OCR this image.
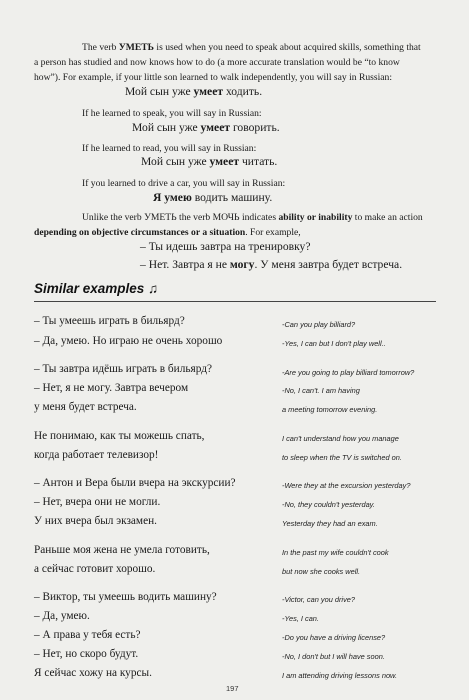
The verb УМЕТЬ is used when you need to speak about acquired skills, something that
a person has studied and now knows how to do (a more accurate translation would be “to know
how”). For example, if your little son learned to walk independently, you will say in Russian:
Мой сын уже умеет ходить.
If he learned to speak, you will say in Russian:
Мой сын уже умеет говорить.
If he learned to read, you will say in Russian:
Мой сын уже умеет читать.
If you learned to drive a car, you will say in Russian:
Я умею водить машину.
Unlike the verb УМЕТЬ the verb МОЧЬ indicates ability or inability to make an action
depending on objective circumstances or a situation. For example,
– Ты идешь завтра на тренировку?
– Нет. Завтра я не могу. У меня завтра будет встреча.
Similar examples ♫
– Ты умеешь играть в бильярд?
– Да, умею. Но играю не очень хорошо
– Ты завтра идёшь играть в бильярд?
– Нет, я не могу. Завтра вечером
у меня будет встреча.
Не понимаю, как ты можешь спать,
когда работает телевизор!
– Антон и Вера были вчера на экскурсии?
– Нет, вчера они не могли.
У них вчера был экзамен.
Раньше моя жена не умела готовить,
а сейчас готовит хорошо.
– Виктор, ты умеешь водить машину?
– Да, умею.
– А права у тебя есть?
– Нет, но скоро будут.
Я сейчас хожу на курсы.
-Can you play billiard?
-Yes, I can but I don't play well..
-Are you going to play billiard tomorrow?
-No, I can't. I am having
a meeting tomorrow evening.
I can't understand how you manage
to sleep when the TV is switched on.
-Were they at the excursion yesterday?
-No, they couldn't yesterday.
Yesterday they had an exam.
In the past my wife couldn't cook
but now she cooks well.
-Victor, can you drive?
-Yes, I can.
-Do you have a driving license?
-No, I don't but I will have soon.
I am attending driving lessons now.
197
